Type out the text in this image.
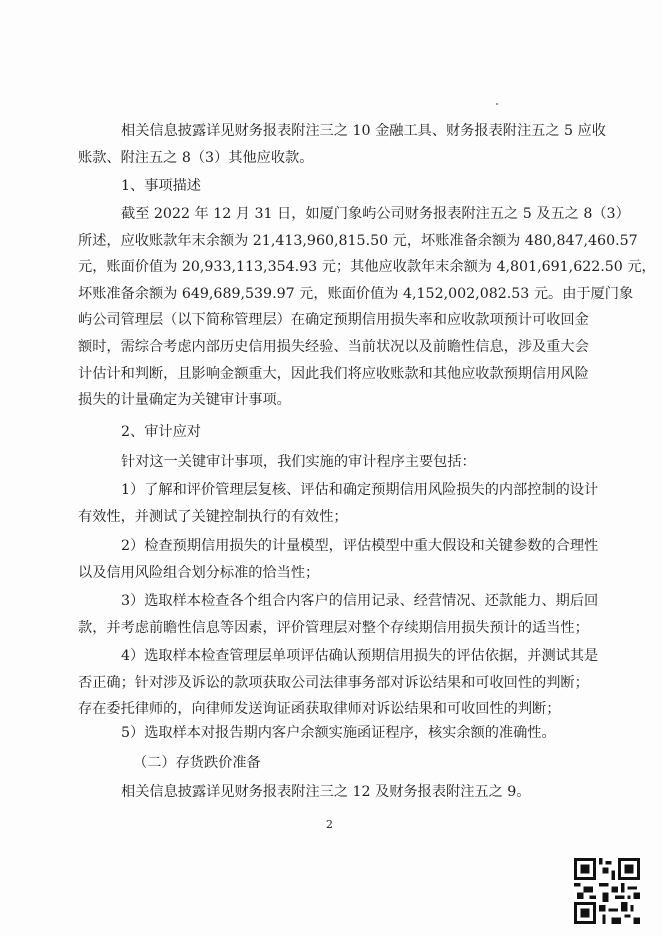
相关信息披露详见财务报表附注三之 10 金融工具、财务报表附注五之 5 应收
账款、附注五之 8（3）其他应收款。
1、事项描述
截至 2022 年 12 月 31 日，如厦门象屿公司财务报表附注五之 5 及五之 8（3）
所述，应收账款年末余额为 21,413,960,815.50 元，坏账准备余额为 480,847,460.57
元，账面价值为 20,933,113,354.93 元；其他应收款年末余额为 4,801,691,622.50 元，
坏账准备余额为 649,689,539.97 元，账面价值为 4,152,002,082.53 元。由于厦门象
屿公司管理层（以下简称管理层）在确定预期信用损失率和应收款项预计可收回金
额时，需综合考虑内部历史信用损失经验、当前状况以及前瞻性信息，涉及重大会
计估计和判断，且影响金额重大，因此我们将应收账款和其他应收款预期信用风险
损失的计量确定为关键审计事项。
2、审计应对
针对这一关键审计事项，我们实施的审计程序主要包括：
1）了解和评价管理层复核、评估和确定预期信用风险损失的内部控制的设计
有效性，并测试了关键控制执行的有效性；
2）检查预期信用损失的计量模型，评估模型中重大假设和关键参数的合理性
以及信用风险组合划分标准的恰当性；
3）选取样本检查各个组合内客户的信用记录、经营情况、还款能力、期后回
款，并考虑前瞻性信息等因素，评价管理层对整个存续期信用损失预计的适当性；
4）选取样本检查管理层单项评估确认预期信用损失的评估依据，并测试其是
否正确；针对涉及诉讼的款项获取公司法律事务部对诉讼结果和可收回性的判断；
存在委托律师的，向律师发送询证函获取律师对诉讼结果和可收回性的判断；
5）选取样本对报告期内客户余额实施函证程序，核实余额的准确性。
（二）存货跌价准备
相关信息披露详见财务报表附注三之 12 及财务报表附注五之 9。
2
